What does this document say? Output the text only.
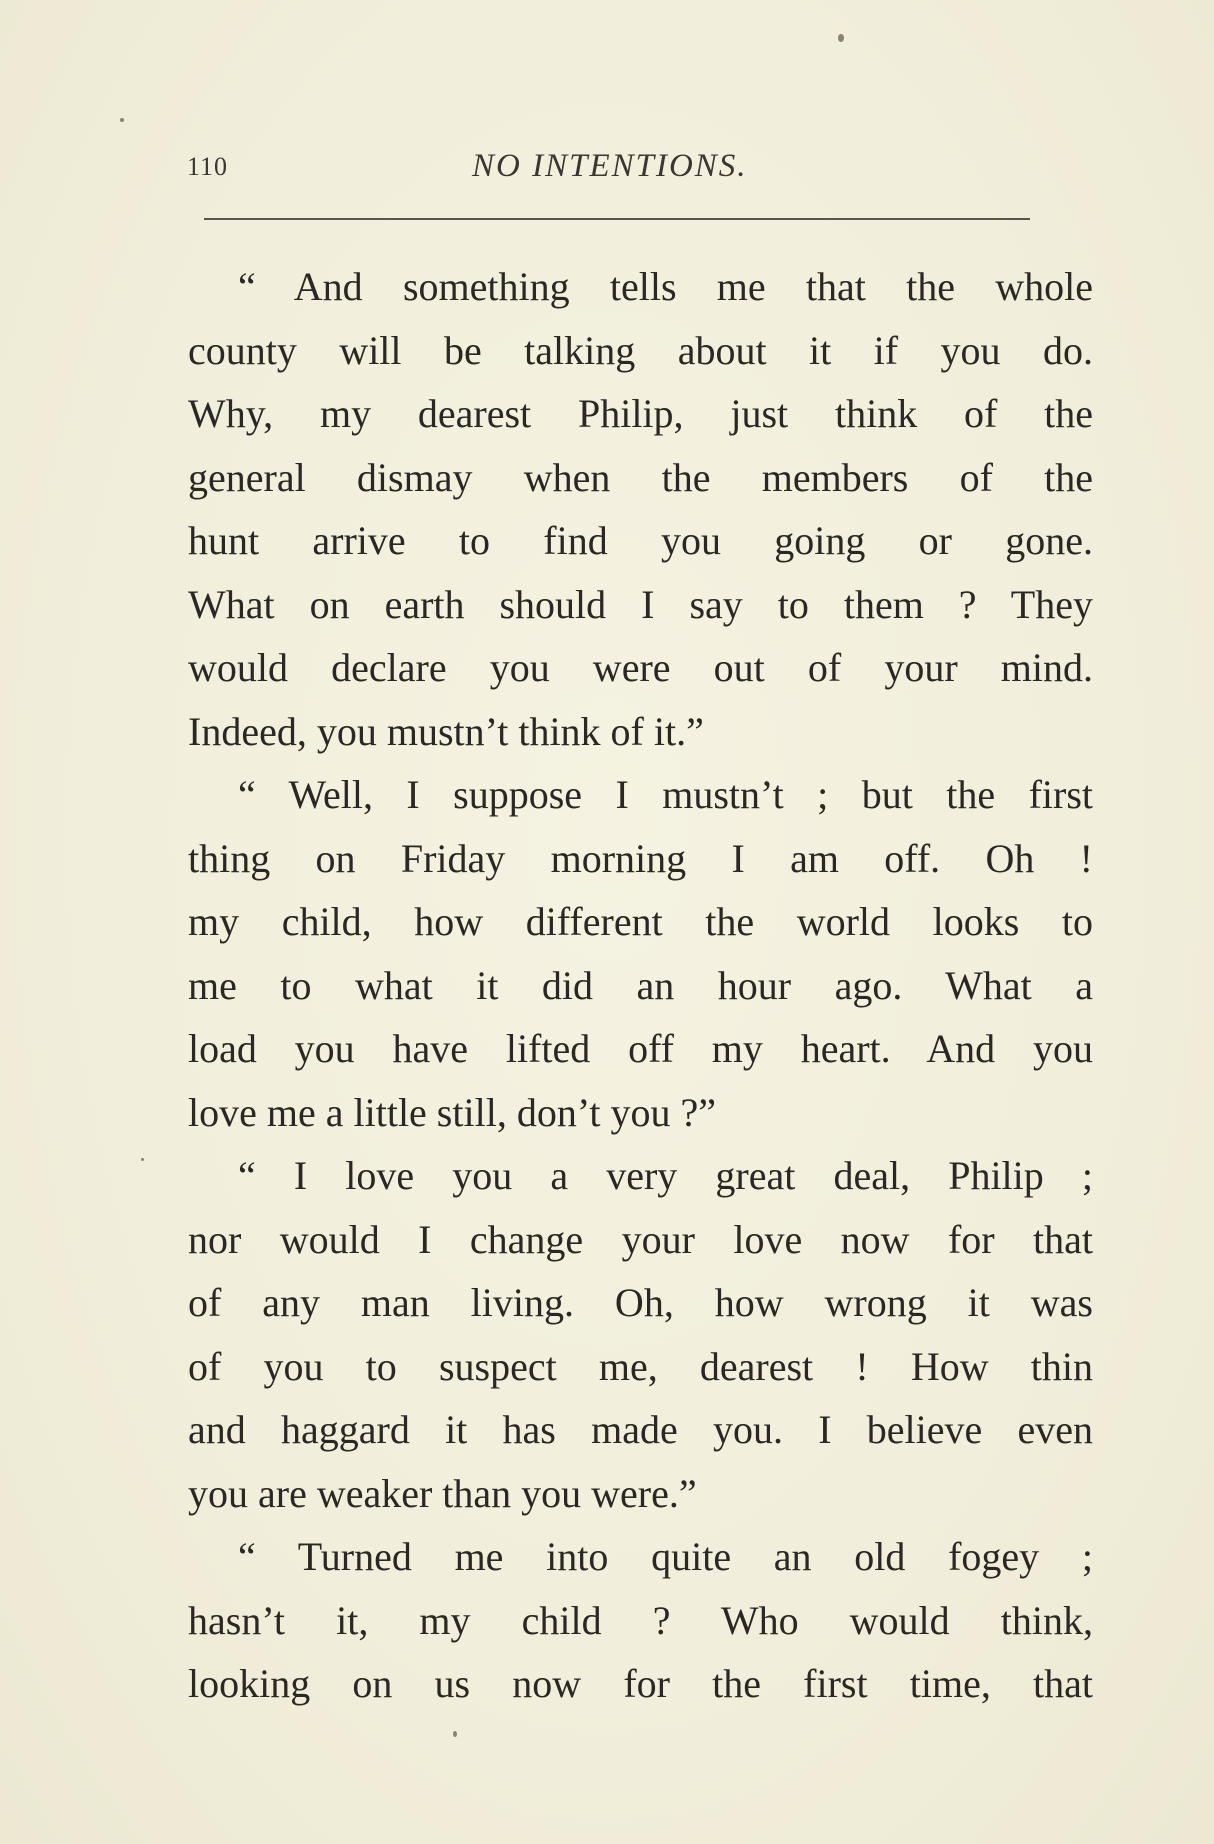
110	NO INTENTIONS.
“ And something tells me that the whole
county will be talking about it if you do.
Why, my dearest Philip, just think of the
general dismay when the members of the
hunt arrive to find you going or gone.
What on earth should I say to them ? They
would declare you were out of your mind.
Indeed, you mustn’t think of it.”
“ Well, I suppose I mustn’t ; but the first
thing on Friday morning I am off. Oh !
my child, how different the world looks to
me to what it did an hour ago. What a
load you have lifted off my heart. And you
love me a little still, don’t you ?”
“ I love you a very great deal, Philip ;
nor would I change your love now for that
of any man living. Oh, how wrong it was
of you to suspect me, dearest ! How thin
and haggard it has made you. I believe even
you are weaker than you were.”
“ Turned me into quite an old fogey ;
hasn’t it, my child ? Who would think,
looking on us now for the first time, that
